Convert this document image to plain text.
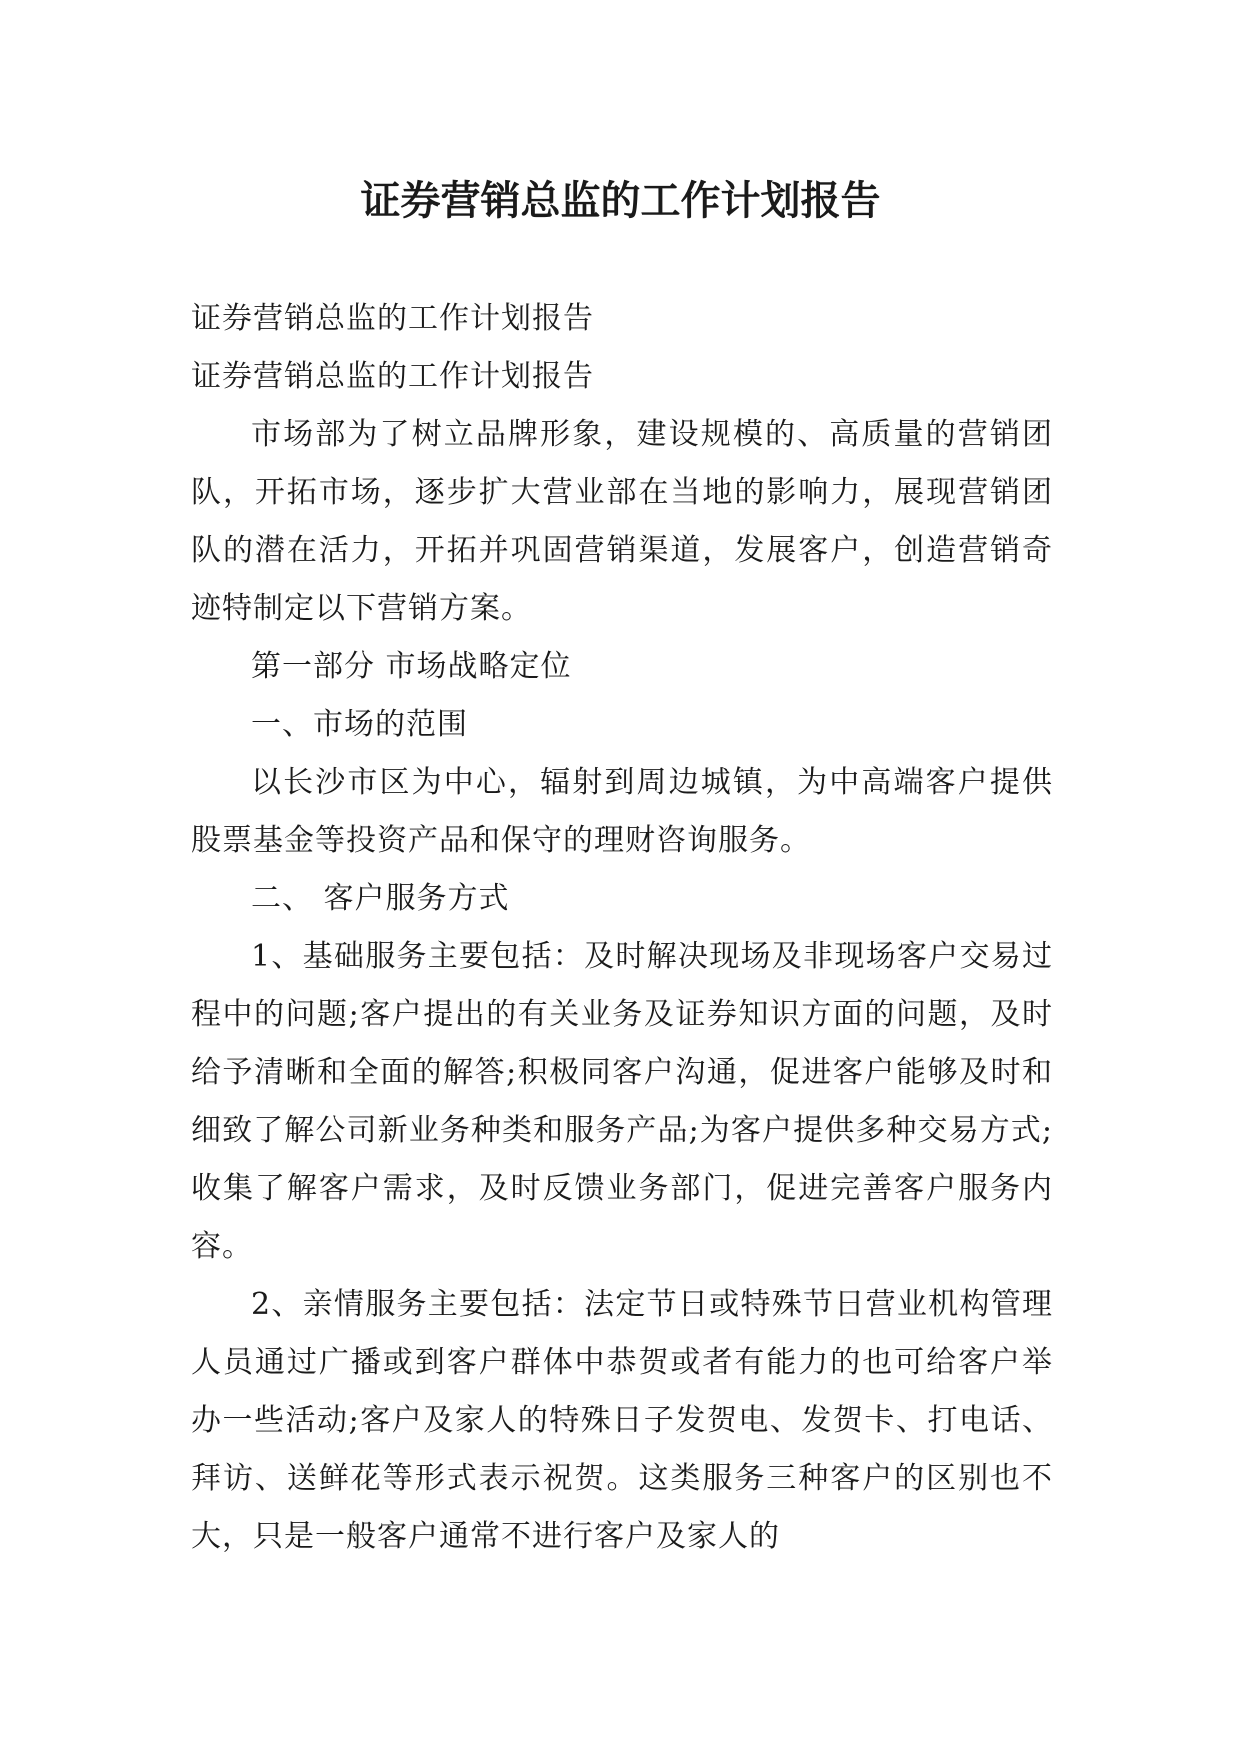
证券营销总监的工作计划报告

证券营销总监的工作计划报告

证券营销总监的工作计划报告

市场部为了树立品牌形象，建设规模的、高质量的营销团队，开拓市场，逐步扩大营业部在当地的影响力，展现营销团队的潜在活力，开拓并巩固营销渠道，发展客户，创造营销奇迹特制定以下营销方案。

第一部分 市场战略定位

一、市场的范围

以长沙市区为中心，辐射到周边城镇，为中高端客户提供股票基金等投资产品和保守的理财咨询服务。

二、 客户服务方式

1、基础服务主要包括：及时解决现场及非现场客户交易过程中的问题;客户提出的有关业务及证券知识方面的问题，及时给予清晰和全面的解答;积极同客户沟通，促进客户能够及时和细致了解公司新业务种类和服务产品;为客户提供多种交易方式;收集了解客户需求，及时反馈业务部门，促进完善客户服务内容。

2、亲情服务主要包括：法定节日或特殊节日营业机构管理人员通过广播或到客户群体中恭贺或者有能力的也可给客户举办一些活动;客户及家人的特殊日子发贺电、发贺卡、打电话、拜访、送鲜花等形式表示祝贺。这类服务三种客户的区别也不大，只是一般客户通常不进行客户及家人的
